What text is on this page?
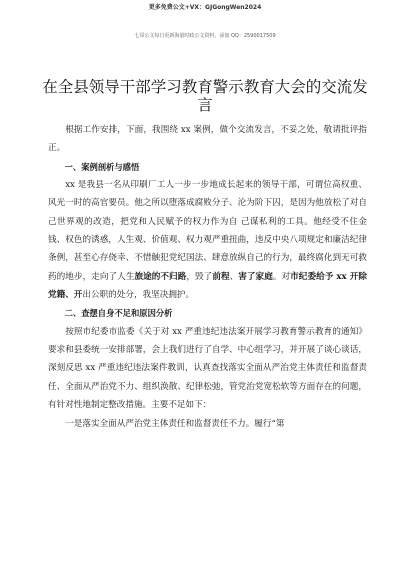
更多免费公文+VX：GJGongWen2024
七哥公文每日更新海量时政公文资料，添加 QQ：2590017509
在全县领导干部学习教育警示教育大会的交流发言

根据工作安排，下面，我围绕 xx 案例，做个交流发言，不妥之处，敬请批评指正。

一、案例剖析与感悟

xx 是我县一名从印刷厂工人一步一步地成长起来的领导干部，可谓位高权重、风光一时的高官要员。他之所以堕落成腐败分子、沦为阶下囚，是因为他放松了对自己世界观的改造，把党和人民赋予的权力作为自 己谋私利的工具。他经受不住金钱、权色的诱惑，人生观、价值观、权力观严重扭曲，违反中央八项规定和廉洁纪律条例，甚至心存侥幸、不惜触犯党纪国法、肆意放纵自己的行为，最终腐化到无可救药的地步，走向了人生旅途的不归路，毁了前程、害了家庭。对市纪委给予 xx 开除党籍、开出公职的处分，我坚决拥护。

二、查摆自身不足和原因分析

按照市纪委市监委《关于对 xx 严重违纪违法案开展学习教育警示教育的通知》要求和县委统一安排部署，会上我们进行了自学、中心组学习，并开展了谈心谈话，深刻反思 xx 严重违纪违法案件教训，认真查找落实全面从严治党主体责任和监督责任、全面从严治党不力、组织涣散、纪律松弛，管党治党宽松软等方面存在的问题，有针对性地制定整改措施。主要不足如下：

一是落实全面从严治党主体责任和监督责任不力。履行“第
